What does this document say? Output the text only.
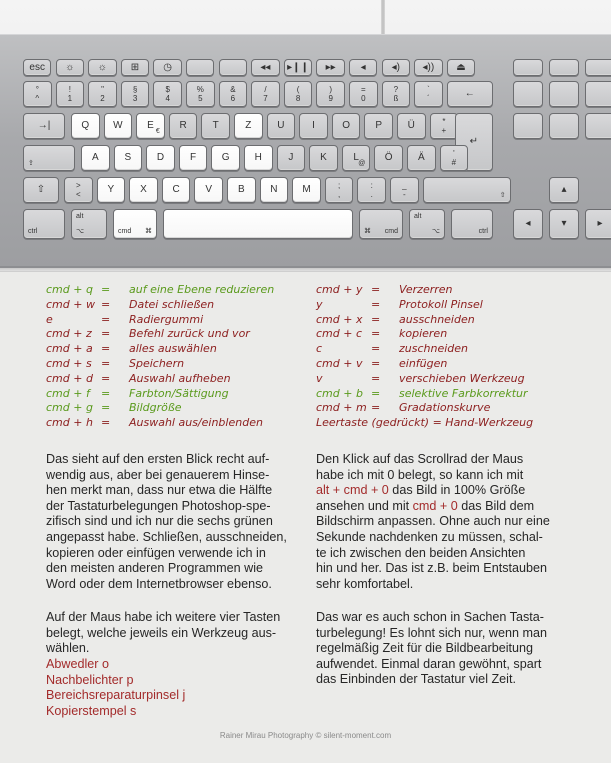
esc	☼	☼	⊞	◷	◂◂	▸❙❙	▸▸	◂	◂)	◂))	⏏
°
^
!
1
"
2
§
3
$
4
%
5
&
6
/
7
(
8
)
9
=
0
?
ß
`
´	←
→|	Q	W	E
€
R	T	Z	U	I	O	P	Ü	*
+
↵
⇪
A	S	D	F	G	H	J	K	L
@
Ö	Ä	'
#
⇧	>
<	Y	X	C	V	B	N	M	;
,
:
.
_
-	⇧
▴
ctrl
alt
⌥	cmd ⌘	⌘ cmd
alt
⌥	ctrl
◂	▾	▸
cmd + q = auf eine Ebene reduzieren
cmd + w = Datei schließen
e	= Radiergummi
cmd + z = Befehl zurück und vor
cmd + a = alles auswählen
cmd + s = Speichern
cmd + d = Auswahl aufheben
cmd + f = Farbton/Sättigung
cmd + g = Bildgröße
cmd + h = Auswahl aus/einblenden
cmd + y = Verzerren
y	= Protokoll Pinsel
cmd + x = ausschneiden
cmd + c = kopieren
c	= zuschneiden
cmd + v = einfügen
v	= verschieben Werkzeug
cmd + b = selektive Farbkorrektur
cmd + m = Gradationskurve
Leertaste (gedrückt) = Hand-Werkzeug
Das sieht auf den ersten Blick recht auf-
wendig aus, aber bei genauerem Hinse-
hen merkt man, dass nur etwa die Hälfte
der Tastaturbelegungen Photoshop-spe-
zifisch sind und ich nur die sechs grünen
angepasst habe. Schließen, ausschneiden,
kopieren oder einfügen verwende ich in
den meisten anderen Programmen wie
Word oder dem Internetbrowser ebenso.
Auf der Maus habe ich weitere vier Tasten
belegt, welche jeweils ein Werkzeug aus-
wählen.
Abwedler o
Nachbelichter p
Bereichsreparaturpinsel j
Kopierstempel s
Den Klick auf das Scrollrad der Maus
habe ich mit 0 belegt, so kann ich mit
alt + cmd + 0 das Bild in 100% Größe
ansehen und mit cmd + 0 das Bild dem
Bildschirm anpassen. Ohne auch nur eine
Sekunde nachdenken zu müssen, schal-
te ich zwischen den beiden Ansichten
hin und her. Das ist z.B. beim Entstauben
sehr komfortabel.
Das war es auch schon in Sachen Tasta-
turbelegung! Es lohnt sich nur, wenn man
regelmäßig Zeit für die Bildbearbeitung
aufwendet. Einmal daran gewöhnt, spart
das Einbinden der Tastatur viel Zeit.
Rainer Mirau Photography © silent-moment.com
